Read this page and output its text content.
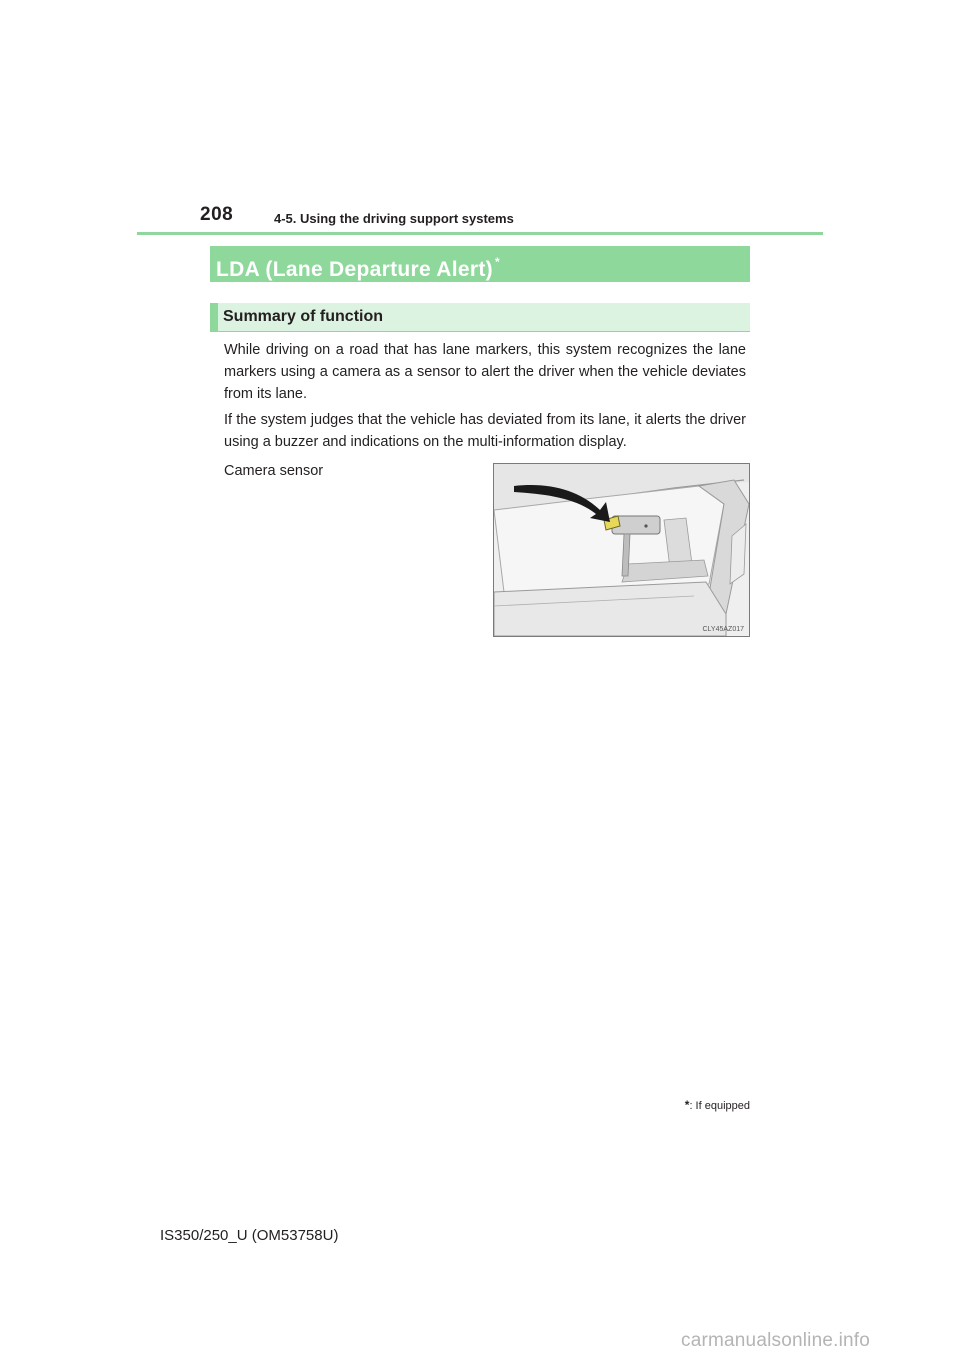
208	4-5. Using the driving support systems
LDA (Lane Departure Alert) *
Summary of function

While driving on a road that has lane markers, this system recognizes the lane markers using a camera as a sensor to alert the driver when the vehicle deviates from its lane.

If the system judges that the vehicle has deviated from its lane, it alerts the driver using a buzzer and indications on the multi-information display.

Camera sensor
CLY45AZ017
*: If equipped
IS350/250_U (OM53758U)
carmanualsonline.info
